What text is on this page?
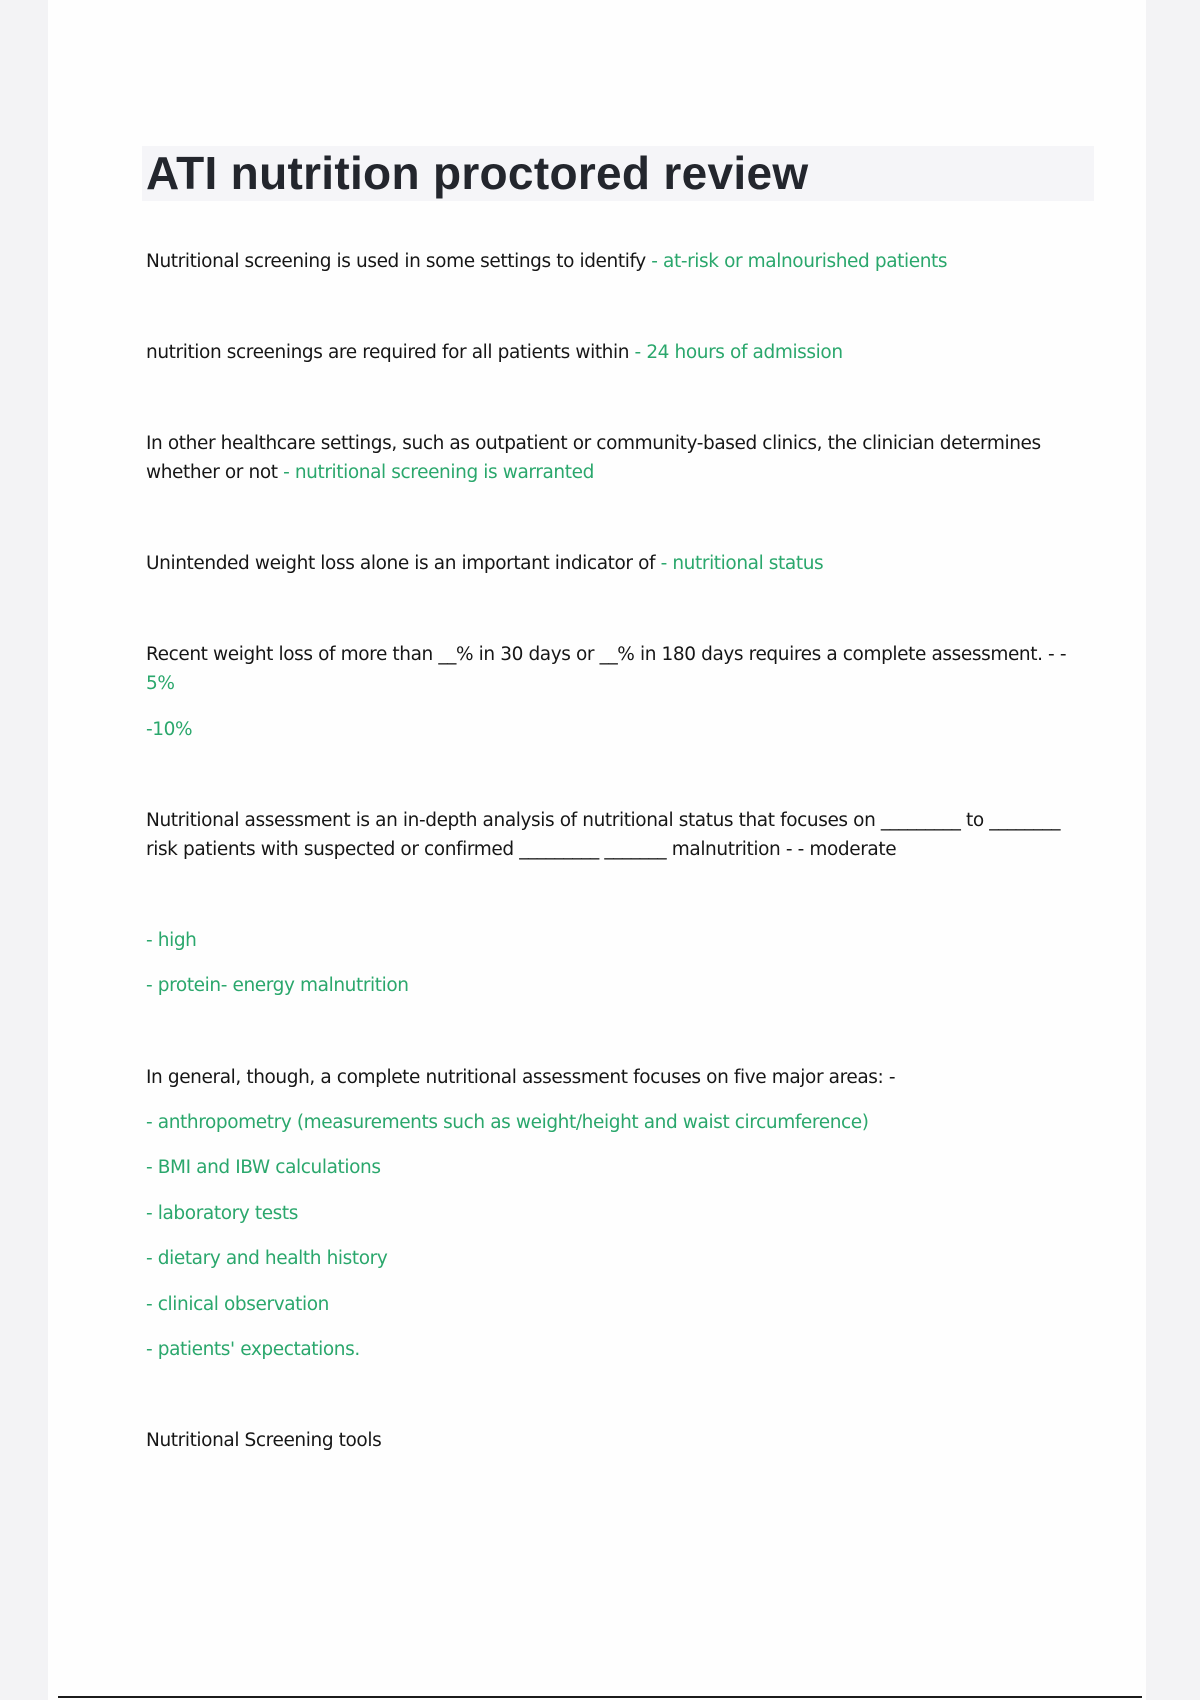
ATI nutrition proctored review

Nutritional screening is used in some settings to identify - at-risk or malnourished patients

nutrition screenings are required for all patients within - 24 hours of admission

In other healthcare settings, such as outpatient or community-based clinics, the clinician determines whether or not - nutritional screening is warranted

Unintended weight loss alone is an important indicator of - nutritional status

Recent weight loss of more than __% in 30 days or __% in 180 days requires a complete assessment. - -
5%

-10%

Nutritional assessment is an in-depth analysis of nutritional status that focuses on _________ to ________ risk patients with suspected or confirmed _________ _______ malnutrition - - moderate

- high

- protein- energy malnutrition

In general, though, a complete nutritional assessment focuses on five major areas: -

- anthropometry (measurements such as weight/height and waist circumference)

- BMI and IBW calculations

- laboratory tests

- dietary and health history

- clinical observation

- patients' expectations.

Nutritional Screening tools
